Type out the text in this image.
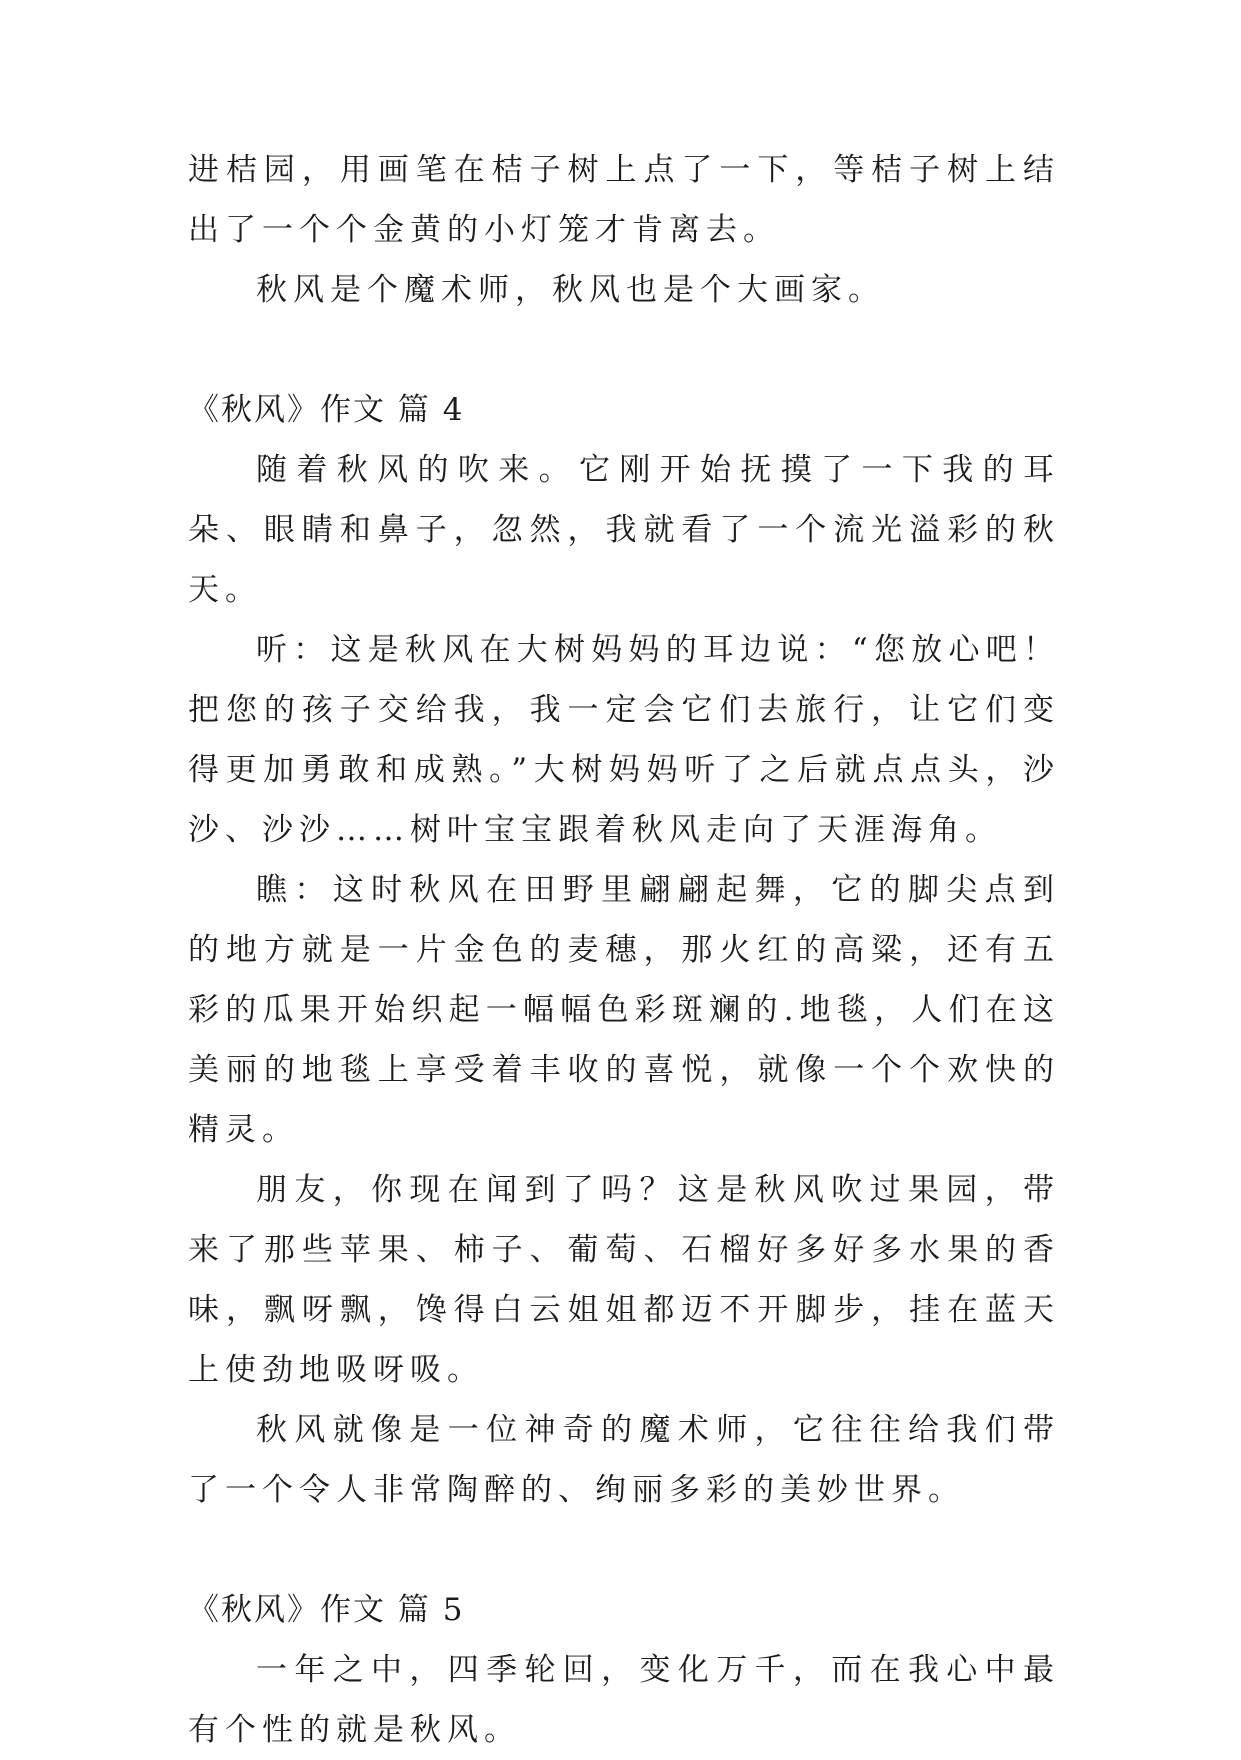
进桔园，用画笔在桔子树上点了一下，等桔子树上结出了一个个金黄的小灯笼才肯离去。

秋风是个魔术师，秋风也是个大画家。

《秋风》作文 篇 4

随着秋风的吹来。它刚开始抚摸了一下我的耳朵、眼睛和鼻子，忽然，我就看了一个流光溢彩的秋天。

听：这是秋风在大树妈妈的耳边说：“您放心吧！把您的孩子交给我，我一定会它们去旅行，让它们变得更加勇敢和成熟。”大树妈妈听了之后就点点头，沙沙、沙沙……树叶宝宝跟着秋风走向了天涯海角。

瞧：这时秋风在田野里翩翩起舞，它的脚尖点到的地方就是一片金色的麦穗，那火红的高粱，还有五彩的瓜果开始织起一幅幅色彩斑斓的.地毯，人们在这美丽的地毯上享受着丰收的喜悦，就像一个个欢快的精灵。

朋友，你现在闻到了吗？这是秋风吹过果园，带来了那些苹果、柿子、葡萄、石榴好多好多水果的香味，飘呀飘，馋得白云姐姐都迈不开脚步，挂在蓝天上使劲地吸呀吸。

秋风就像是一位神奇的魔术师，它往往给我们带了一个令人非常陶醉的、绚丽多彩的美妙世界。

《秋风》作文 篇 5

一年之中，四季轮回，变化万千，而在我心中最有个性的就是秋风。
